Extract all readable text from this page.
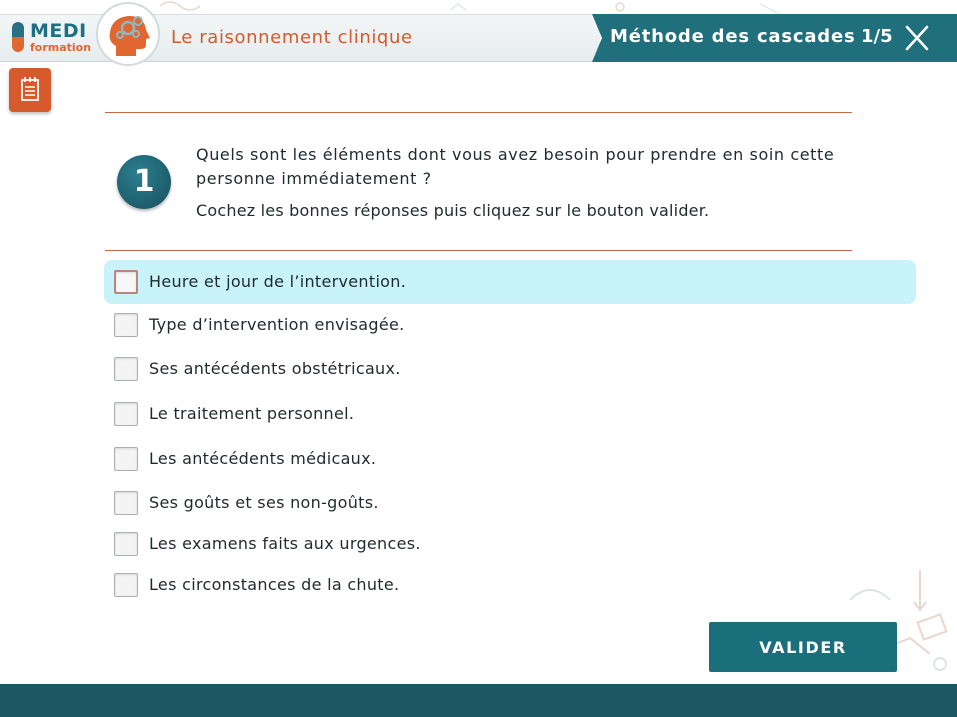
MEDI
formation	Le raisonnement clinique	Méthode des cascades 1/5
1

Quels sont les éléments dont vous avez besoin pour prendre en soin cette personne immédiatement ?

Cochez les bonnes réponses puis cliquez sur le bouton valider.

Heure et jour de l’intervention.
Type d’intervention envisagée.
Ses antécédents obstétricaux.
Le traitement personnel.
Les antécédents médicaux.
Ses goûts et ses non-goûts.
Les examens faits aux urgences.
Les circonstances de la chute.
VALIDER
